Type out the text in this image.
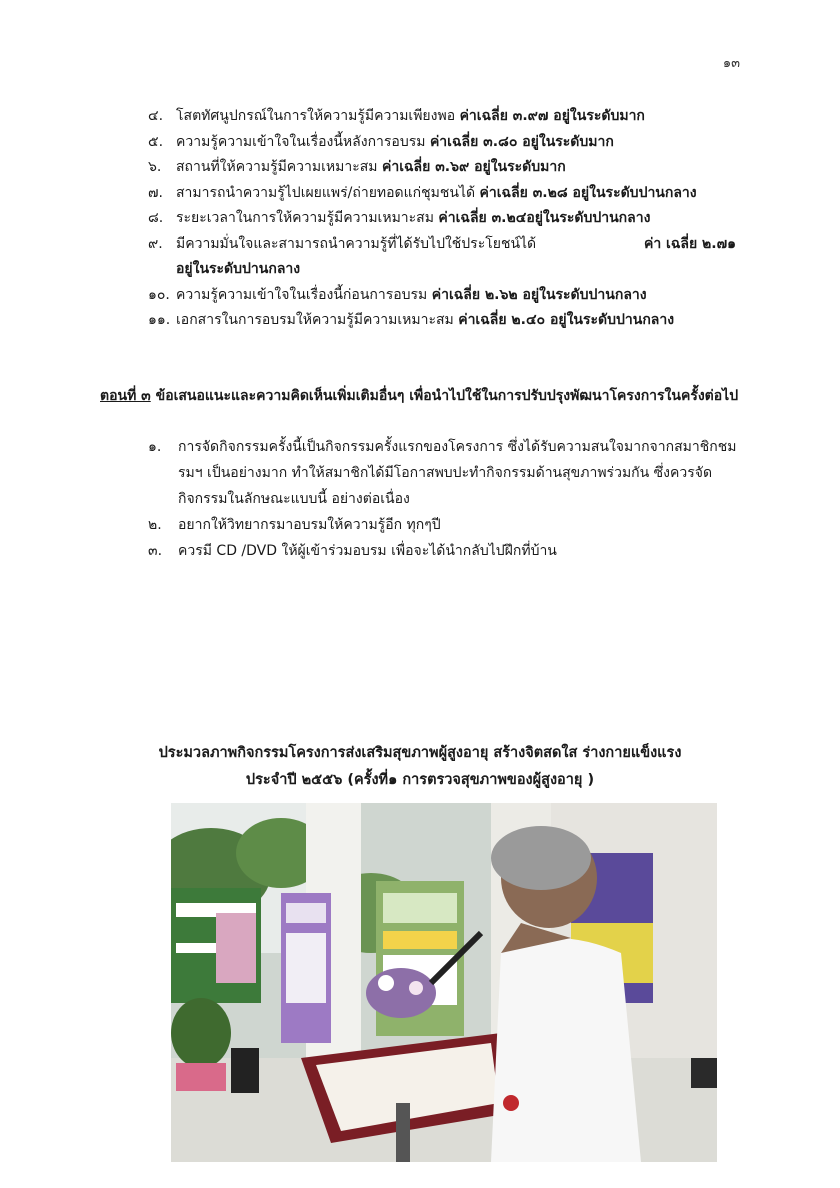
๑๓
๔. โสตทัศนูปกรณ์ในการให้ความรู้มีความเพียงพอ ค่าเฉลี่ย ๓.๙๗ อยู่ในระดับมาก
๕. ความรู้ความเข้าใจในเรื่องนี้หลังการอบรม ค่าเฉลี่ย ๓.๘๐ อยู่ในระดับมาก
๖. สถานที่ให้ความรู้มีความเหมาะสม ค่าเฉลี่ย ๓.๖๙ อยู่ในระดับมาก
๗. สามารถนำความรู้ไปเผยแพร่/ถ่ายทอดแก่ชุมชนได้ ค่าเฉลี่ย ๓.๒๘ อยู่ในระดับปานกลาง
๘. ระยะเวลาในการให้ความรู้มีความเหมาะสม ค่าเฉลี่ย ๓.๒๔อยู่ในระดับปานกลาง
๙. มีความมั่นใจและสามารถนำความรู้ที่ได้รับไปใช้ประโยชน์ได้	ค่า เฉลี่ย ๒.๗๑
อยู่ในระดับปานกลาง
๑๐. ความรู้ความเข้าใจในเรื่องนี้ก่อนการอบรม ค่าเฉลี่ย ๒.๖๒ อยู่ในระดับปานกลาง
๑๑. เอกสารในการอบรมให้ความรู้มีความเหมาะสม ค่าเฉลี่ย ๒.๔๐ อยู่ในระดับปานกลาง
ตอนที่ ๓ ข้อเสนอแนะและความคิดเห็นเพิ่มเติมอื่นๆ เพื่อนำไปใช้ในการปรับปรุงพัฒนาโครงการในครั้งต่อไป
๑. การจัดกิจกรรมครั้งนี้เป็นกิจกรรมครั้งแรกของโครงการ ซึ่งได้รับความสนใจมากจากสมาชิกชมรมฯ เป็นอย่างมาก ทำให้สมาชิกได้มีโอกาสพบปะทำกิจกรรมด้านสุขภาพร่วมกัน ซึ่งควรจัดกิจกรรมในลักษณะแบบนี้ อย่างต่อเนื่อง
๒. อยากให้วิทยากรมาอบรมให้ความรู้อีก ทุกๆปี
๓. ควรมี CD /DVD ให้ผู้เข้าร่วมอบรม เพื่อจะได้นำกลับไปฝึกที่บ้าน
ประมวลภาพกิจกรรมโครงการส่งเสริมสุขภาพผู้สูงอายุ สร้างจิตสดใส ร่างกายแข็งแรง
ประจำปี ๒๕๕๖ (ครั้งที่๑ การตรวจสุขภาพของผู้สูงอายุ )
